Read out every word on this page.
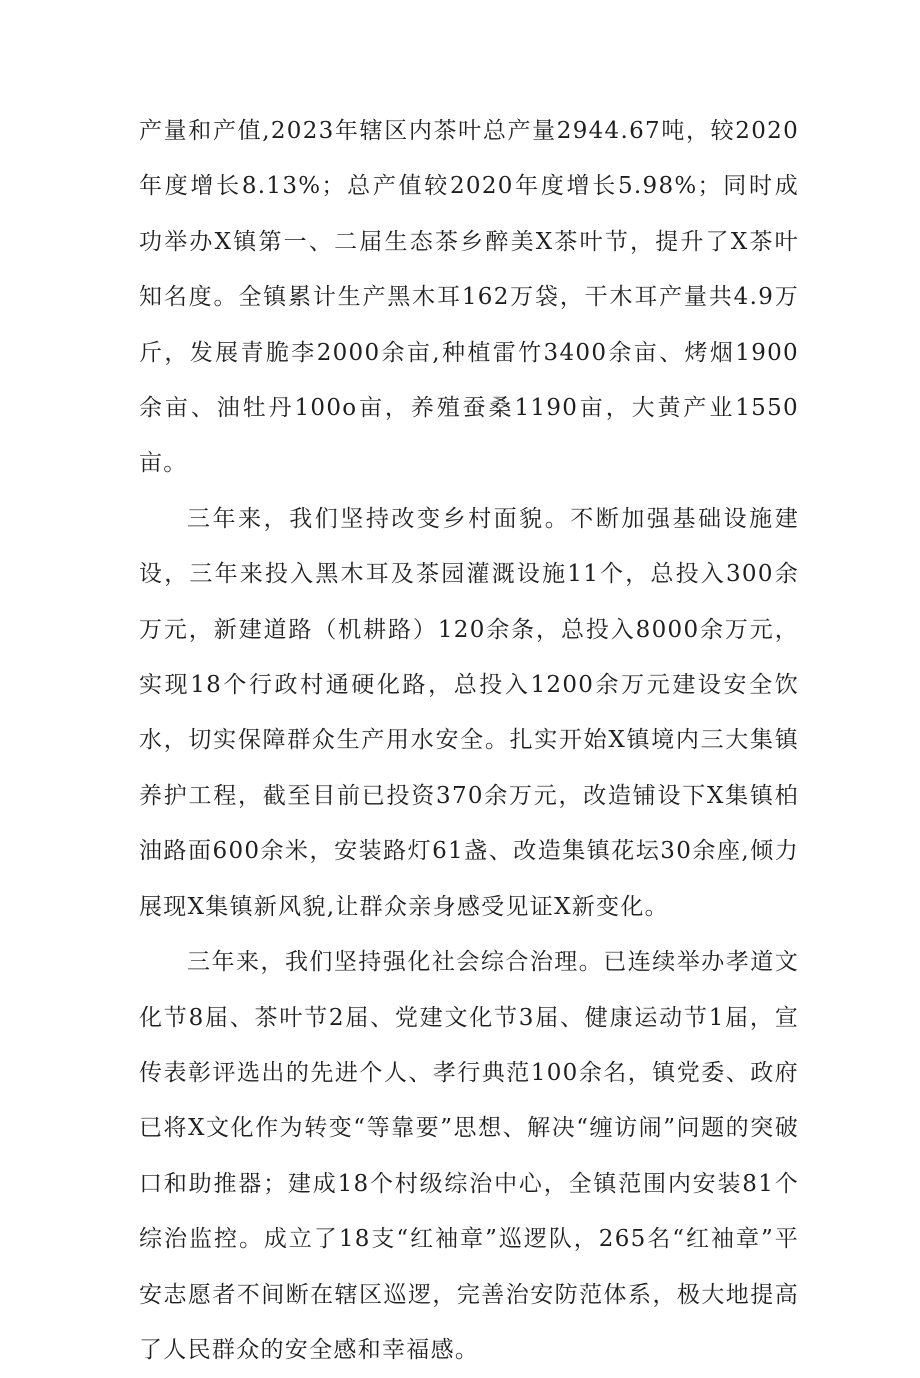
产量和产值,2023年辖区内茶叶总产量2944.67吨，较2020年度增长8.13%；总产值较2020年度增长5.98%；同时成功举办X镇第一、二届生态茶乡醉美X茶叶节，提升了X茶叶知名度。全镇累计生产黑木耳162万袋，干木耳产量共4.9万斤，发展青脆李2000余亩,种植雷竹3400余亩、烤烟1900余亩、油牡丹100o亩，养殖蚕桑1190亩，大黄产业1550亩。

三年来，我们坚持改变乡村面貌。不断加强基础设施建设，三年来投入黑木耳及茶园灌溉设施11个，总投入300余万元，新建道路（机耕路）120余条，总投入8000余万元，实现18个行政村通硬化路，总投入1200余万元建设安全饮水，切实保障群众生产用水安全。扎实开始X镇境内三大集镇养护工程，截至目前已投资370余万元，改造铺设下X集镇柏油路面600余米，安装路灯61盏、改造集镇花坛30余座,倾力展现X集镇新风貌,让群众亲身感受见证X新变化。

三年来，我们坚持强化社会综合治理。已连续举办孝道文化节8届、茶叶节2届、党建文化节3届、健康运动节1届，宣传表彰评选出的先进个人、孝行典范100余名，镇党委、政府已将X文化作为转变“等靠要”思想、解决“缠访闹”问题的突破口和助推器；建成18个村级综治中心，全镇范围内安装81个综治监控。成立了18支“红袖章”巡逻队，265名“红袖章”平安志愿者不间断在辖区巡逻，完善治安防范体系，极大地提高了人民群众的安全感和幸福感。
